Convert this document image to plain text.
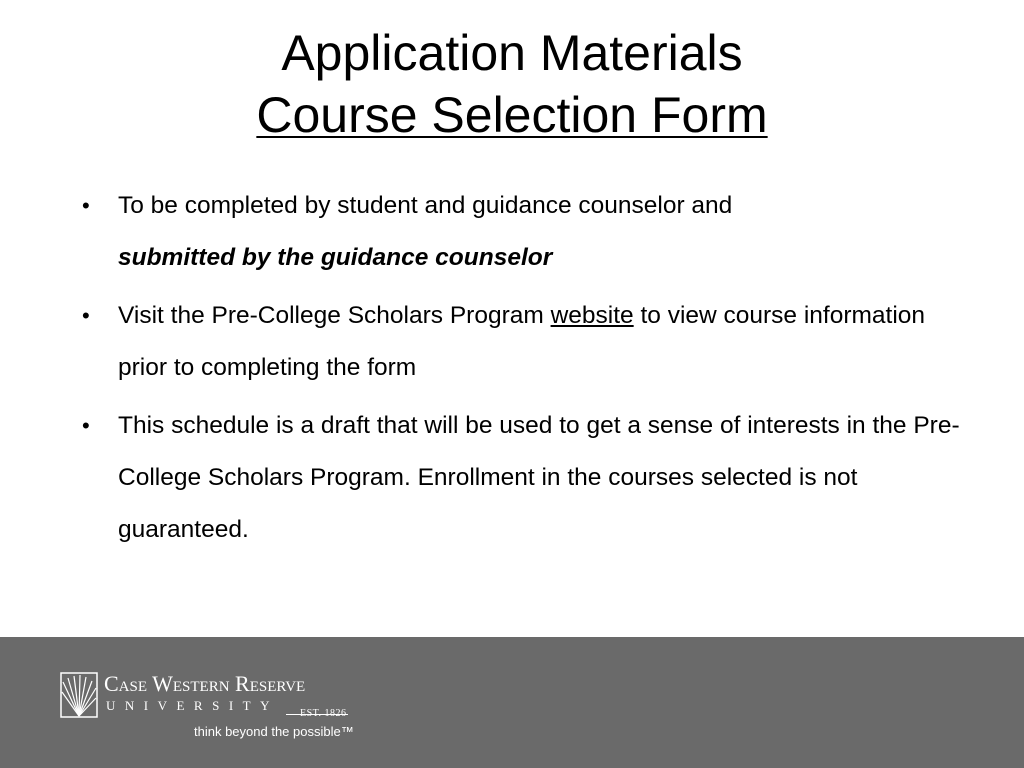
Application Materials
Course Selection Form
• To be completed by student and guidance counselor and
submitted by the guidance counselor
• Visit the Pre-College Scholars Program website to view course information prior to completing the form
• This schedule is a draft that will be used to get a sense of interests in the Pre-College Scholars Program. Enrollment in the courses selected is not guaranteed.
Case Western Reserve
UNIVERSITY
EST. 1826
think beyond the possible™
